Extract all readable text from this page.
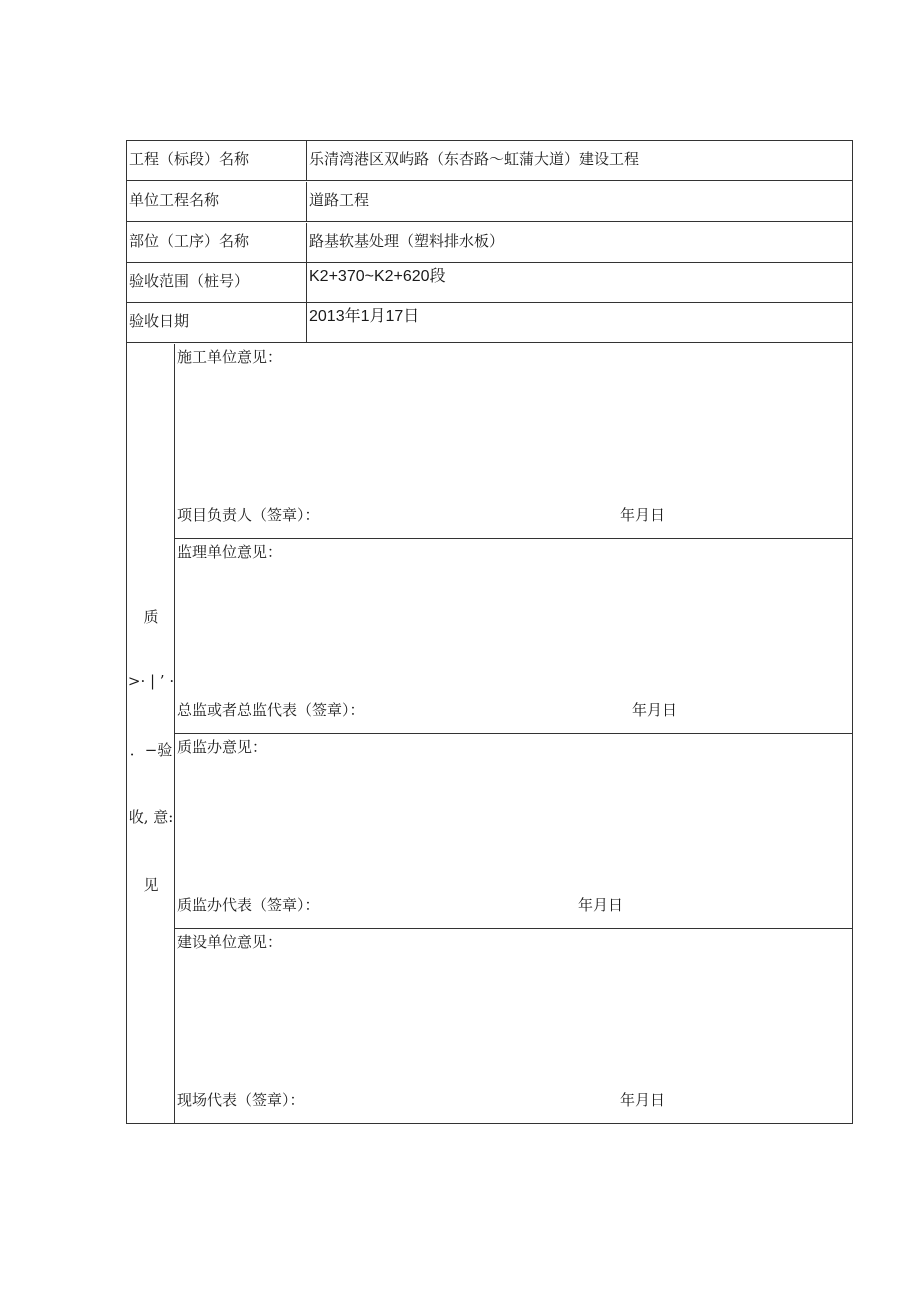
工程（标段）名称	乐清湾港区双屿路（东杏路～虹蒲大道）建设工程
单位工程名称	道路工程
部位（工序）名称	路基软基处理（塑料排水板）
验收范围（桩号）	K2+370~K2+620段
验收日期	2013年1月17日
质
>· | ’ ·
．−验
收, 意:
见
施工单位意见：
项目负责人（签章）：	年月日
监理单位意见：
总监或者总监代表（签章）：	年月日
质监办意见：
质监办代表（签章）：	年月日
建设单位意见：
现场代表（签章）：	年月日
